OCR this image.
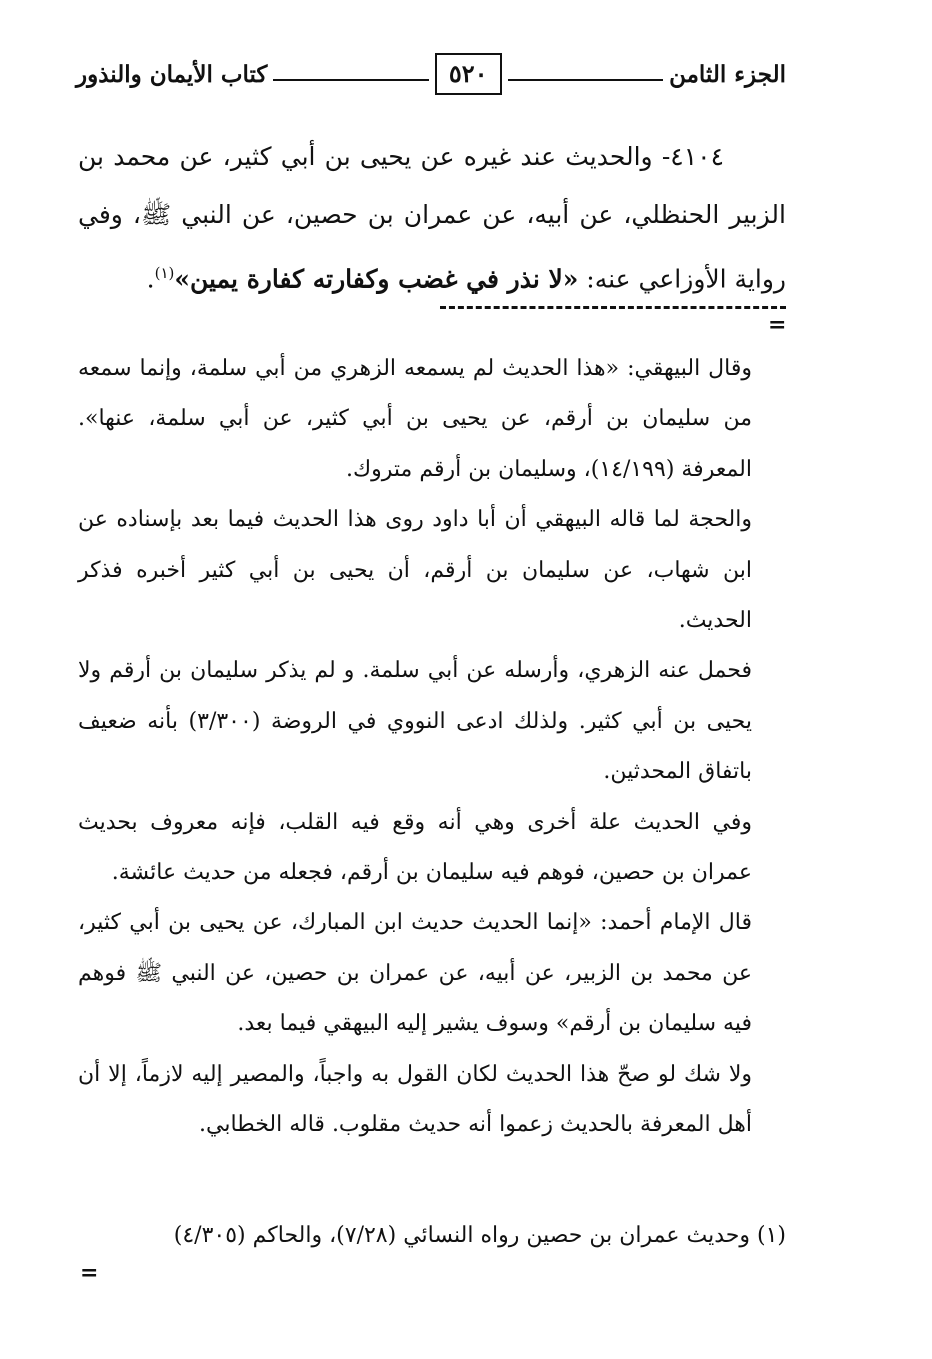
الجزء الثامن
٥٢٠
كتاب الأيمان والنذور

٤١٠٤- والحديث عند غيره عن يحيى بن أبي كثير، عن محمد بن الزبير الحنظلي، عن أبيه، عن عمران بن حصين، عن النبي ﷺ، وفي رواية الأوزاعي عنه: «لا نذر في غضب وكفارته كفارة يمين»$^{(١)}$.

=

وقال البيهقي: «هذا الحديث لم يسمعه الزهري من أبي سلمة، وإنما سمعه من سليمان بن أرقم، عن يحيى بن أبي كثير، عن أبي سلمة، عنها». المعرفة (١٤/١٩٩)، وسليمان بن أرقم متروك.

والحجة لما قاله البيهقي أن أبا داود روى هذا الحديث فيما بعد بإسناده عن ابن شهاب، عن سليمان بن أرقم، أن يحيى بن أبي كثير أخبره فذكر الحديث.

فحمل عنه الزهري، وأرسله عن أبي سلمة. و لم يذكر سليمان بن أرقم ولا يحيى بن أبي كثير. ولذلك ادعى النووي في الروضة (٣/٣٠٠) بأنه ضعيف باتفاق المحدثين.

وفي الحديث علة أخرى وهي أنه وقع فيه القلب، فإنه معروف بحديث عمران بن حصين، فوهم فيه سليمان بن أرقم، فجعله من حديث عائشة.

قال الإمام أحمد: «إنما الحديث حديث ابن المبارك، عن يحيى بن أبي كثير، عن محمد بن الزبير، عن أبيه، عن عمران بن حصين، عن النبي ﷺ فوهم فيه سليمان بن أرقم» وسوف يشير إليه البيهقي فيما بعد.

ولا شك لو صحّ هذا الحديث لكان القول به واجباً، والمصير إليه لازماً، إلا أن أهل المعرفة بالحديث زعموا أنه حديث مقلوب. قاله الخطابي.

(١) وحديث عمران بن حصين رواه النسائي (٧/٢٨)، والحاكم (٤/٣٠٥)
=
